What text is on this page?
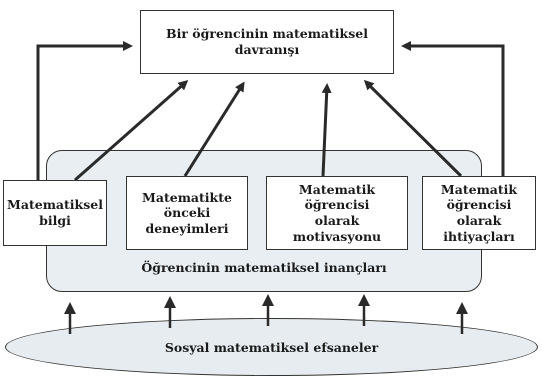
Öğrencinin matematiksel inançları
Bir öğrencinin matematiksel davranışı
Matematiksel
bilgi
Matematikte
önceki
deneyimleri
Matematik öğrencisi
olarak motivasyonu
Matematik
öğrencisi olarak
ihtiyaçları
Sosyal matematiksel efsaneler
